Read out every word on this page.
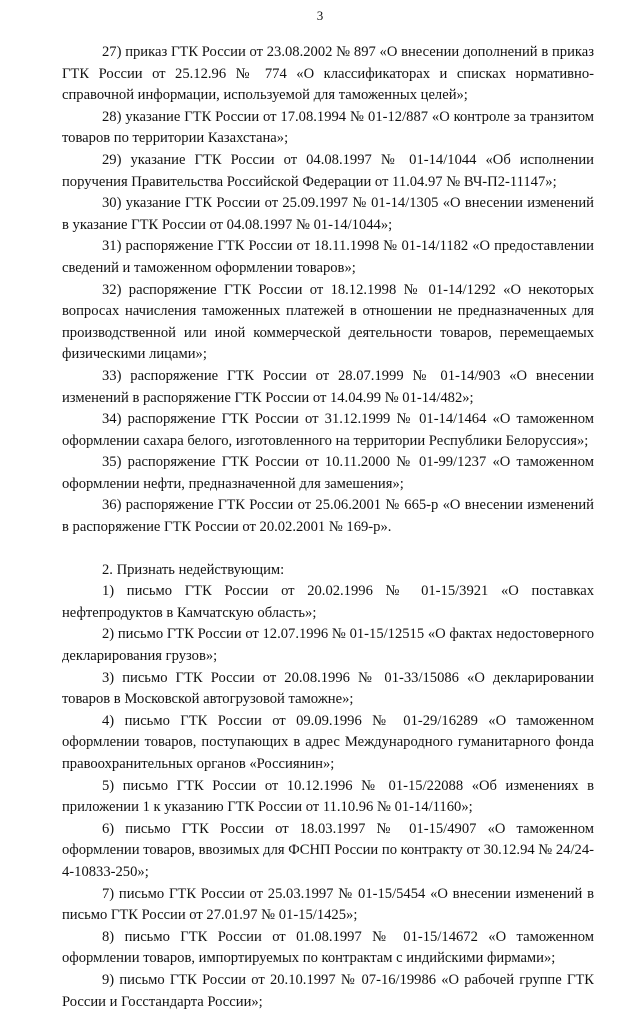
3

27) приказ ГТК России от 23.08.2002 № 897 «О внесении дополнений в приказ ГТК России от 25.12.96 № 774 «О классификаторах и списках нормативно-справочной информации, используемой для таможенных целей»;

28) указание ГТК России от 17.08.1994 № 01-12/887 «О контроле за транзитом товаров по территории Казахстана»;

29) указание ГТК России от 04.08.1997 № 01-14/1044 «Об исполнении поручения Правительства Российской Федерации от 11.04.97 № ВЧ-П2-11147»;

30) указание ГТК России от 25.09.1997 № 01-14/1305 «О внесении изменений в указание ГТК России от 04.08.1997 № 01-14/1044»;

31) распоряжение ГТК России от 18.11.1998 № 01-14/1182 «О предоставлении сведений и таможенном оформлении товаров»;

32) распоряжение ГТК России от 18.12.1998 № 01-14/1292 «О некоторых вопросах начисления таможенных платежей в отношении не предназначенных для производственной или иной коммерческой деятельности товаров, перемещаемых физическими лицами»;

33) распоряжение ГТК России от 28.07.1999 № 01-14/903 «О внесении изменений в распоряжение ГТК России от 14.04.99 № 01-14/482»;

34) распоряжение ГТК России от 31.12.1999 № 01-14/1464 «О таможенном оформлении сахара белого, изготовленного на территории Республики Белоруссия»;

35) распоряжение ГТК России от 10.11.2000 № 01-99/1237 «О таможенном оформлении нефти, предназначенной для замешения»;

36) распоряжение ГТК России от 25.06.2001 № 665-р «О внесении изменений в распоряжение ГТК России от 20.02.2001 № 169-р».

2. Признать недействующим:

1) письмо ГТК России от 20.02.1996 № 01-15/3921 «О поставках нефтепродуктов в Камчатскую область»;

2) письмо ГТК России от 12.07.1996 № 01-15/12515 «О фактах недостоверного декларирования грузов»;

3) письмо ГТК России от 20.08.1996 № 01-33/15086 «О декларировании товаров в Московской автогрузовой таможне»;

4) письмо ГТК России от 09.09.1996 № 01-29/16289 «О таможенном оформлении товаров, поступающих в адрес Международного гуманитарного фонда правоохранительных органов «Россиянин»;

5) письмо ГТК России от 10.12.1996 № 01-15/22088 «Об изменениях в приложении 1 к указанию ГТК России от 11.10.96 № 01-14/1160»;

6) письмо ГТК России от 18.03.1997 № 01-15/4907 «О таможенном оформлении товаров, ввозимых для ФСНП России по контракту от 30.12.94 № 24/24-4-10833-250»;

7) письмо ГТК России от 25.03.1997 № 01-15/5454 «О внесении изменений в письмо ГТК России от 27.01.97 № 01-15/1425»;

8) письмо ГТК России от 01.08.1997 № 01-15/14672 «О таможенном оформлении товаров, импортируемых по контрактам с индийскими фирмами»;

9) письмо ГТК России от 20.10.1997 № 07-16/19986 «О рабочей группе ГТК России и Госстандарта России»;
